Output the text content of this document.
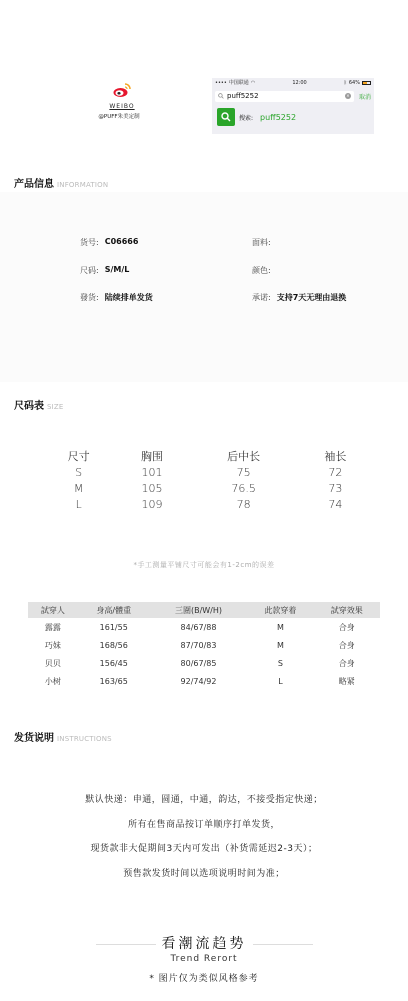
WEIBO
@PUFF朱美定制
•••• 中国联通 ◠	12:00	ᛒ 64%
puff5252	✕ 取消
搜索: puff5252
产品信息 INFORMATION
货号: C06666	面料:
尺码: S/M/L	颜色:
發货: 陆续排单发货	承诺: 支持7天无理由退换
尺码表 SIZE
尺寸	胸围	后中长	袖长
S	101	75	72
M	105	76.5	73
L	109	78	74
*手工测量平铺尺寸可能会有1-2cm的误差
試穿人	身高/體重	三圍(B/W/H)	此款穿着	試穿效果
露露	161/55	84/67/88	M	合身
巧妹	168/56	87/70/83	M	合身
贝贝	156/45	80/67/85	S	合身
小树	163/65	92/74/92	L	略紧
发货说明 INSTRUCTIONS
默认快递：申通，圆通，中通，韵达，不接受指定快递；
所有在售商品按订单顺序打单发货，
现货款非大促期间3天内可发出（补货需延迟2-3天）；
预售款发货时间以选项说明时间为准；
看潮流趋势
Trend Rerort
* 图片仅为类似风格参考
